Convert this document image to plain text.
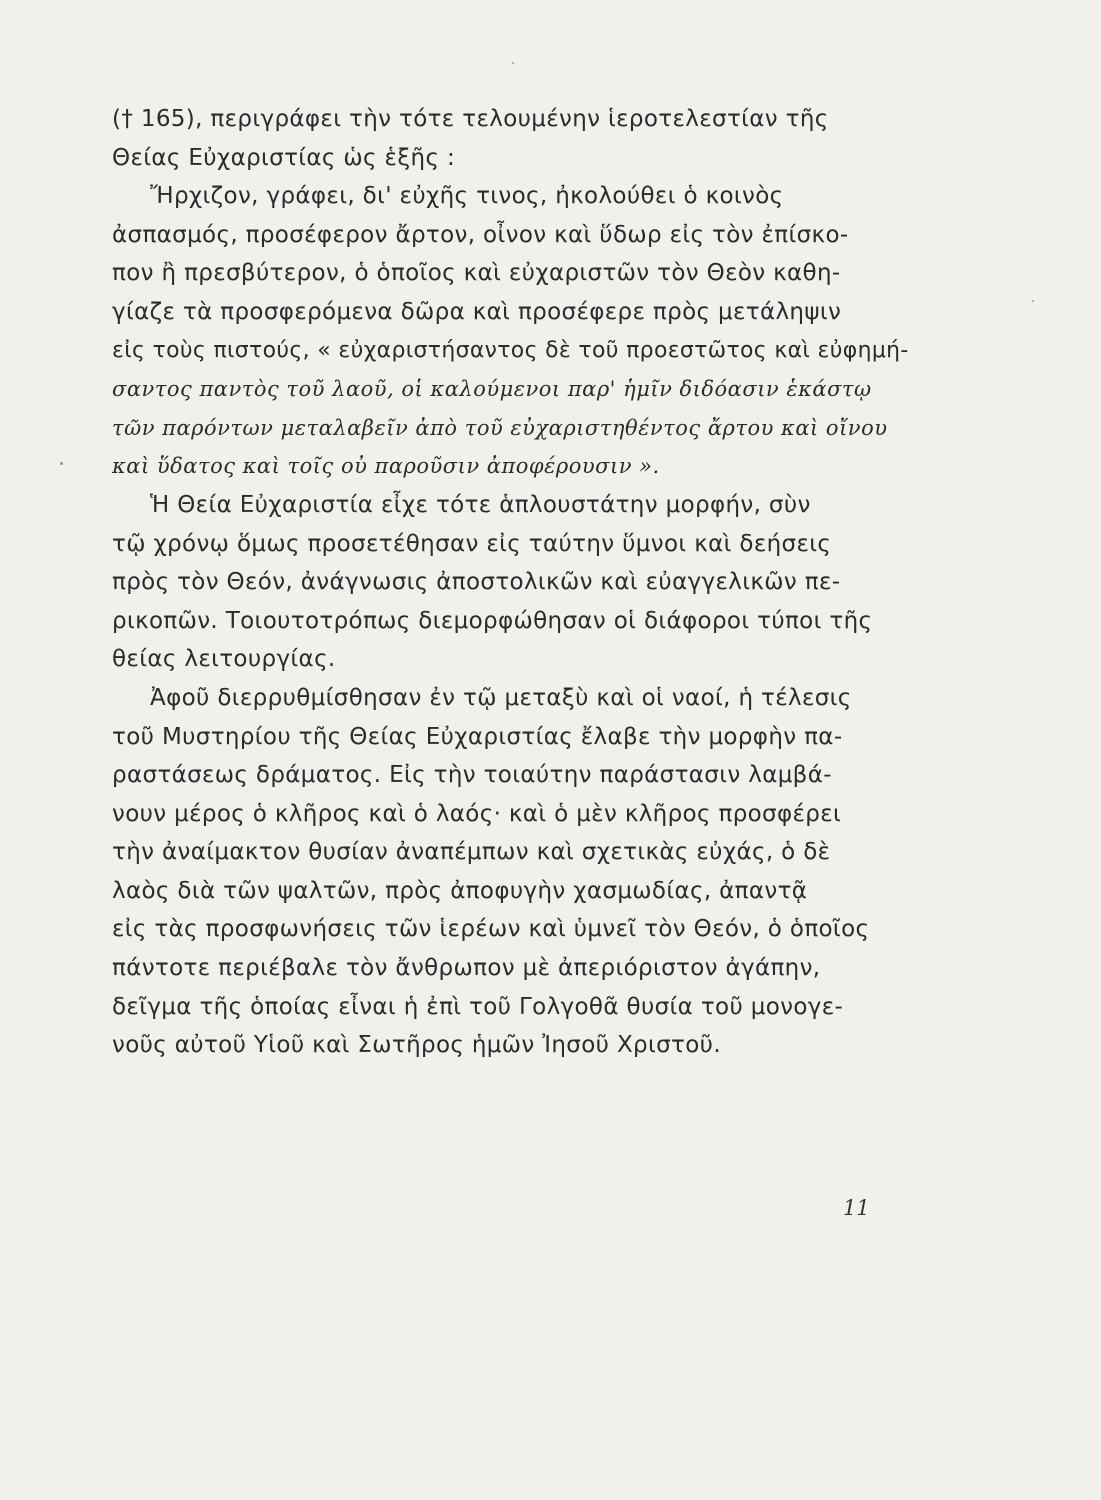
(† 165), περιγράφει τὴν τότε τελουμένην ἱεροτελεστίαν τῆς
Θείας Εὐχαριστίας ὡς ἑξῆς :
Ἤρχιζον, γράφει, δι' εὐχῆς τινος, ἠκολούθει ὁ κοινὸς
ἀσπασμός, προσέφερον ἄρτον, οἶνον καὶ ὕδωρ εἰς τὸν ἐπίσκο-
πον ἢ πρεσβύτερον, ὁ ὁποῖος καὶ εὐχαριστῶν τὸν Θεὸν καθη-
γίαζε τὰ προσφερόμενα δῶρα καὶ προσέφερε πρὸς μετάληψιν
εἰς τοὺς πιστούς, « εὐχαριστήσαντος δὲ τοῦ προεστῶτος καὶ εὐφημή-
σαντος παντὸς τοῦ λαοῦ, οἱ καλούμενοι παρ' ἡμῖν διδόασιν ἑκάστῳ
τῶν παρόντων μεταλαβεῖν ἀπὸ τοῦ εὐχαριστηθέντος ἄρτου καὶ οἴνου
καὶ ὕδατος καὶ τοῖς οὐ παροῦσιν ἀποφέρουσιν ».
Ἡ Θεία Εὐχαριστία εἶχε τότε ἁπλουστάτην μορφήν, σὺν
τῷ χρόνῳ ὅμως προσετέθησαν εἰς ταύτην ὕμνοι καὶ δεήσεις
πρὸς τὸν Θεόν, ἀνάγνωσις ἀποστολικῶν καὶ εὐαγγελικῶν πε-
ρικοπῶν. Τοιουτοτρόπως διεμορφώθησαν οἱ διάφοροι τύποι τῆς
θείας λειτουργίας.
Ἀφοῦ διερρυθμίσθησαν ἐν τῷ μεταξὺ καὶ οἱ ναοί, ἡ τέλεσις
τοῦ Μυστηρίου τῆς Θείας Εὐχαριστίας ἔλαβε τὴν μορφὴν πα-
ραστάσεως δράματος. Εἰς τὴν τοιαύτην παράστασιν λαμβά-
νουν μέρος ὁ κλῆρος καὶ ὁ λαός· καὶ ὁ μὲν κλῆρος προσφέρει
τὴν ἀναίμακτον θυσίαν ἀναπέμπων καὶ σχετικὰς εὐχάς, ὁ δὲ
λαὸς διὰ τῶν ψαλτῶν, πρὸς ἀποφυγὴν χασμωδίας, ἀπαντᾷ
εἰς τὰς προσφωνήσεις τῶν ἱερέων καὶ ὑμνεῖ τὸν Θεόν, ὁ ὁποῖος
πάντοτε περιέβαλε τὸν ἄνθρωπον μὲ ἀπεριόριστον ἀγάπην,
δεῖγμα τῆς ὁποίας εἶναι ἡ ἐπὶ τοῦ Γολγοθᾶ θυσία τοῦ μονογε-
νοῦς αὐτοῦ Υἱοῦ καὶ Σωτῆρος ἡμῶν Ἰησοῦ Χριστοῦ.
11
